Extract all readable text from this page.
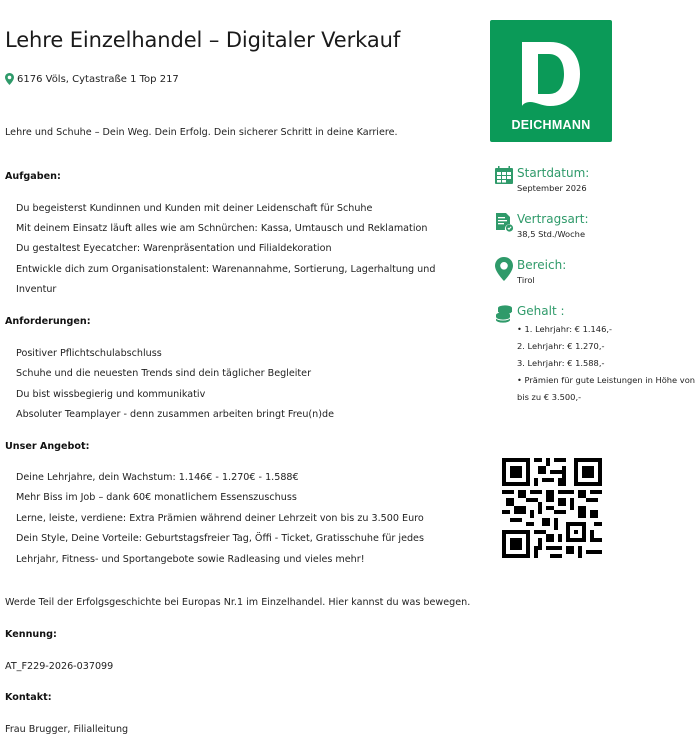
Lehre Einzelhandel – Digitaler Verkauf
6176 Völs, Cytastraße 1 Top 217
Lehre und Schuhe – Dein Weg. Dein Erfolg. Dein sicherer Schritt in deine Karriere.
Aufgaben:
Du begeisterst Kundinnen und Kunden mit deiner Leidenschaft für Schuhe
Mit deinem Einsatz läuft alles wie am Schnürchen: Kassa, Umtausch und Reklamation
Du gestaltest Eyecatcher: Warenpräsentation und Filialdekoration
Entwickle dich zum Organisationstalent: Warenannahme, Sortierung, Lagerhaltung und
Inventur
Anforderungen:
Positiver Pflichtschulabschluss
Schuhe und die neuesten Trends sind dein täglicher Begleiter
Du bist wissbegierig und kommunikativ
Absoluter Teamplayer - denn zusammen arbeiten bringt Freu(n)de
Unser Angebot:
Deine Lehrjahre, dein Wachstum: 1.146€ - 1.270€ - 1.588€
Mehr Biss im Job – dank 60€ monatlichem Essenszuschuss
Lerne, leiste, verdiene: Extra Prämien während deiner Lehrzeit von bis zu 3.500 Euro
Dein Style, Deine Vorteile: Geburtstagsfreier Tag, Öffi - Ticket, Gratisschuhe für jedes
Lehrjahr, Fitness- und Sportangebote sowie Radleasing und vieles mehr!
Werde Teil der Erfolgsgeschichte bei Europas Nr.1 im Einzelhandel. Hier kannst du was bewegen.
Kennung:
AT_F229-2026-037099
Kontakt:
Frau Brugger, Filialleitung
DEICHMANN
Startdatum:
September 2026
Vertragsart:
38,5 Std./Woche
Bereich:
Tirol
Gehalt :
• 1. Lehrjahr: € 1.146,-
2. Lehrjahr: € 1.270,-
3. Lehrjahr: € 1.588,-
• Prämien für gute Leistungen in Höhe von
bis zu € 3.500,-
